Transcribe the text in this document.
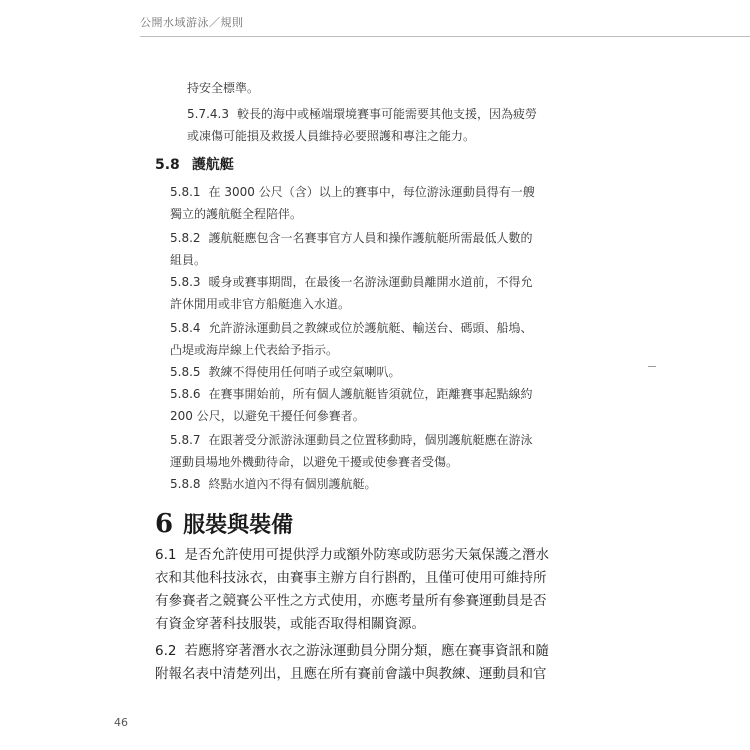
公開水域游泳／規則
持安全標準。
5.7.4.3 較長的海中或極端環境賽事可能需要其他支援，因為疲勞
或凍傷可能損及救援人員維持必要照護和專注之能力。
5.8 護航艇
5.8.1 在 3000 公尺（含）以上的賽事中，每位游泳運動員得有一艘
獨立的護航艇全程陪伴。
5.8.2 護航艇應包含一名賽事官方人員和操作護航艇所需最低人數的
組員。
5.8.3 暖身或賽事期間，在最後一名游泳運動員離開水道前，不得允
許休閒用或非官方船艇進入水道。
5.8.4 允許游泳運動員之教練或位於護航艇、輸送台、碼頭、船塢、
凸堤或海岸線上代表給予指示。
5.8.5 教練不得使用任何哨子或空氣喇叭。
5.8.6 在賽事開始前，所有個人護航艇皆須就位，距離賽事起點線約
200 公尺，以避免干擾任何參賽者。
5.8.7 在跟著受分派游泳運動員之位置移動時，個別護航艇應在游泳
運動員場地外機動待命，以避免干擾或使參賽者受傷。
5.8.8 終點水道內不得有個別護航艇。
6 服裝與裝備
6.1 是否允許使用可提供浮力或額外防寒或防惡劣天氣保護之潛水
衣和其他科技泳衣，由賽事主辦方自行斟酌，且僅可使用可維持所
有參賽者之競賽公平性之方式使用，亦應考量所有參賽運動員是否
有資金穿著科技服裝，或能否取得相關資源。
6.2 若應將穿著潛水衣之游泳運動員分開分類，應在賽事資訊和隨
附報名表中清楚列出，且應在所有賽前會議中與教練、運動員和官
46
